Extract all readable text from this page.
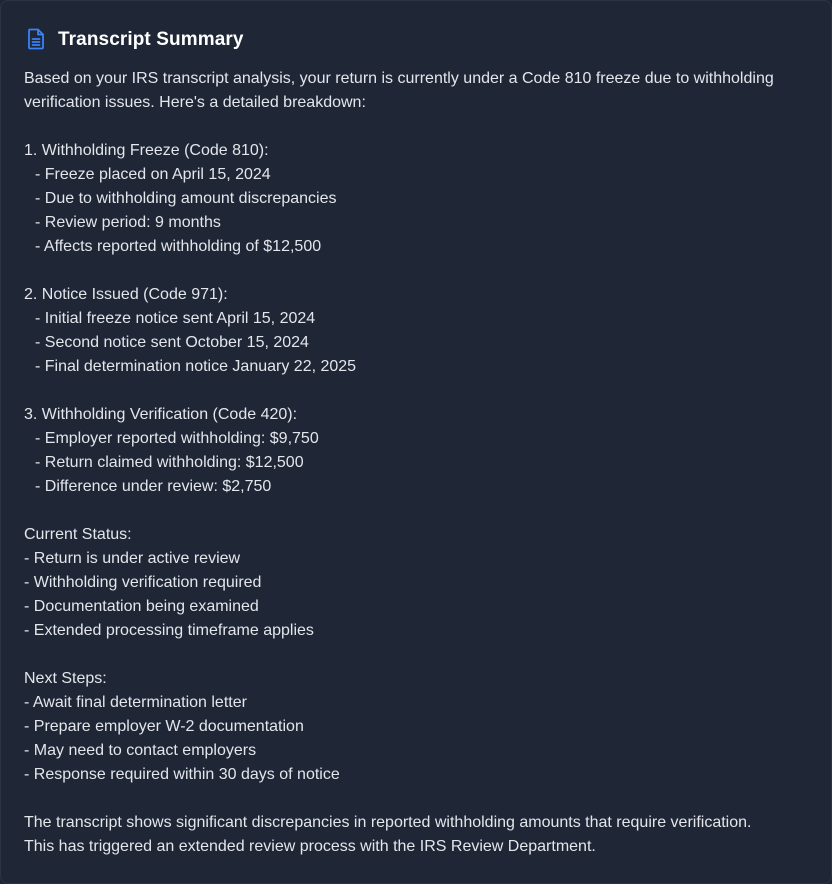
Transcript Summary
Based on your IRS transcript analysis, your return is currently under a Code 810 freeze due to withholding
verification issues. Here's a detailed breakdown:
1. Withholding Freeze (Code 810):
- Freeze placed on April 15, 2024
- Due to withholding amount discrepancies
- Review period: 9 months
- Affects reported withholding of $12,500
2. Notice Issued (Code 971):
- Initial freeze notice sent April 15, 2024
- Second notice sent October 15, 2024
- Final determination notice January 22, 2025
3. Withholding Verification (Code 420):
- Employer reported withholding: $9,750
- Return claimed withholding: $12,500
- Difference under review: $2,750
Current Status:
- Return is under active review
- Withholding verification required
- Documentation being examined
- Extended processing timeframe applies
Next Steps:
- Await final determination letter
- Prepare employer W-2 documentation
- May need to contact employers
- Response required within 30 days of notice
The transcript shows significant discrepancies in reported withholding amounts that require verification.
This has triggered an extended review process with the IRS Review Department.
